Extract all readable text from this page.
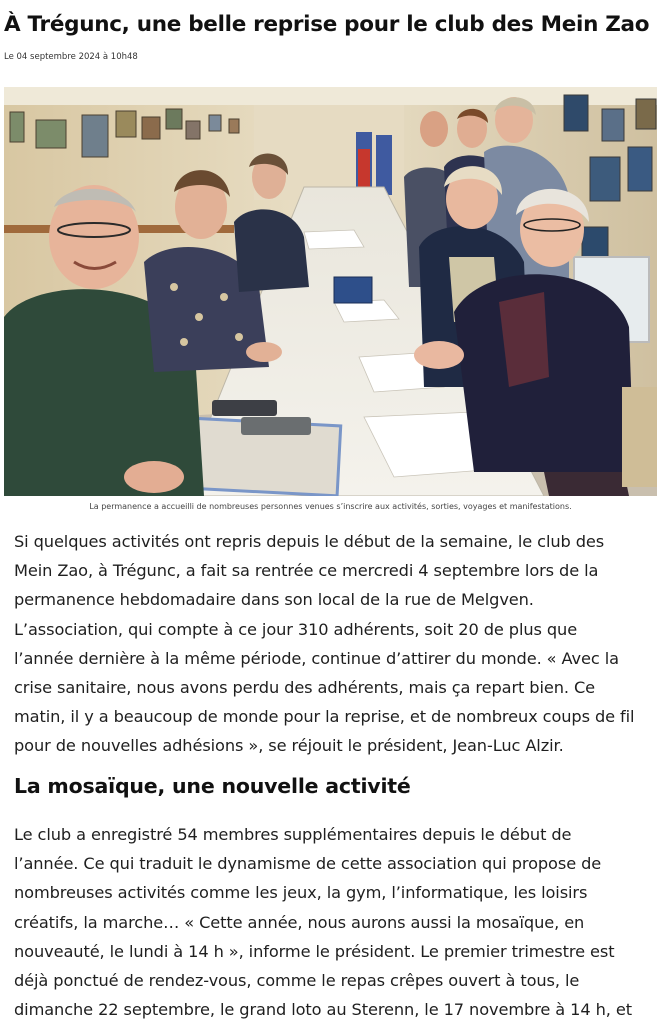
À Trégunc, une belle reprise pour le club des Mein Zao
Le 04 septembre 2024 à 10h48
La permanence a accueilli de nombreuses personnes venues s’inscrire aux activités, sorties, voyages et manifestations.

Si quelques activités ont repris depuis le début de la semaine, le club des
Mein Zao, à Trégunc, a fait sa rentrée ce mercredi 4 septembre lors de la
permanence hebdomadaire dans son local de la rue de Melgven.
L’association, qui compte à ce jour 310 adhérents, soit 20 de plus que
l’année dernière à la même période, continue d’attirer du monde. « Avec la
crise sanitaire, nous avons perdu des adhérents, mais ça repart bien. Ce
matin, il y a beaucoup de monde pour la reprise, et de nombreux coups de fil
pour de nouvelles adhésions », se réjouit le président, Jean-Luc Alzir.

La mosaïque, une nouvelle activité

Le club a enregistré 54 membres supplémentaires depuis le début de
l’année. Ce qui traduit le dynamisme de cette association qui propose de
nombreuses activités comme les jeux, la gym, l’informatique, les loisirs
créatifs, la marche… « Cette année, nous aurons aussi la mosaïque, en
nouveauté, le lundi à 14 h », informe le président. Le premier trimestre est
déjà ponctué de rendez-vous, comme le repas crêpes ouvert à tous, le
dimanche 22 septembre, le grand loto au Sterenn, le 17 novembre à 14 h, et
